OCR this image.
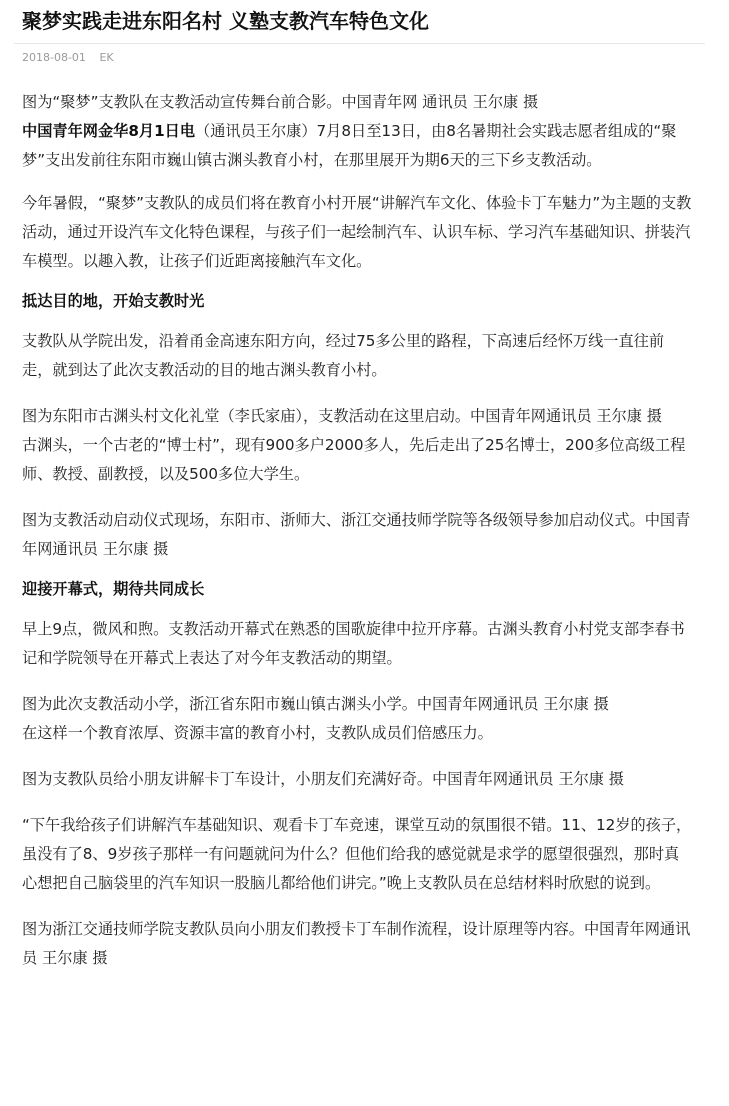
聚梦实践走进东阳名村 义塾支教汽车特色文化
2018-08-01 EK

图为“聚梦”支教队在支教活动宣传舞台前合影。中国青年网 通讯员 王尔康 摄

中国青年网金华8月1日电（通讯员王尔康）7月8日至13日，由8名暑期社会实践志愿者组成的“聚梦”支出发前往东阳市巍山镇古渊头教育小村，在那里展开为期6天的三下乡支教活动。

今年暑假，“聚梦”支教队的成员们将在教育小村开展“讲解汽车文化、体验卡丁车魅力”为主题的支教活动，通过开设汽车文化特色课程，与孩子们一起绘制汽车、认识车标、学习汽车基础知识、拼装汽车模型。以趣入教，让孩子们近距离接触汽车文化。

抵达目的地，开始支教时光

支教队从学院出发，沿着甬金高速东阳方向，经过75多公里的路程，下高速后经怀万线一直往前走，就到达了此次支教活动的目的地古渊头教育小村。

图为东阳市古渊头村文化礼堂（李氏家庙），支教活动在这里启动。中国青年网通讯员 王尔康 摄

古渊头，一个古老的“博士村”，现有900多户2000多人，先后走出了25名博士，200多位高级工程师、教授、副教授，以及500多位大学生。

图为支教活动启动仪式现场，东阳市、浙师大、浙江交通技师学院等各级领导参加启动仪式。中国青年网通讯员 王尔康 摄

迎接开幕式，期待共同成长

早上9点，微风和煦。支教活动开幕式在熟悉的国歌旋律中拉开序幕。古渊头教育小村党支部李春书记和学院领导在开幕式上表达了对今年支教活动的期望。

图为此次支教活动小学，浙江省东阳市巍山镇古渊头小学。中国青年网通讯员 王尔康 摄

在这样一个教育浓厚、资源丰富的教育小村，支教队成员们倍感压力。

图为支教队员给小朋友讲解卡丁车设计，小朋友们充满好奇。中国青年网通讯员 王尔康 摄

“下午我给孩子们讲解汽车基础知识、观看卡丁车竞速，课堂互动的氛围很不错。11、12岁的孩子，虽没有了8、9岁孩子那样一有问题就问为什么？但他们给我的感觉就是求学的愿望很强烈，那时真心想把自己脑袋里的汽车知识一股脑儿都给他们讲完。”晚上支教队员在总结材料时欣慰的说到。

图为浙江交通技师学院支教队员向小朋友们教授卡丁车制作流程，设计原理等内容。中国青年网通讯员 王尔康 摄
